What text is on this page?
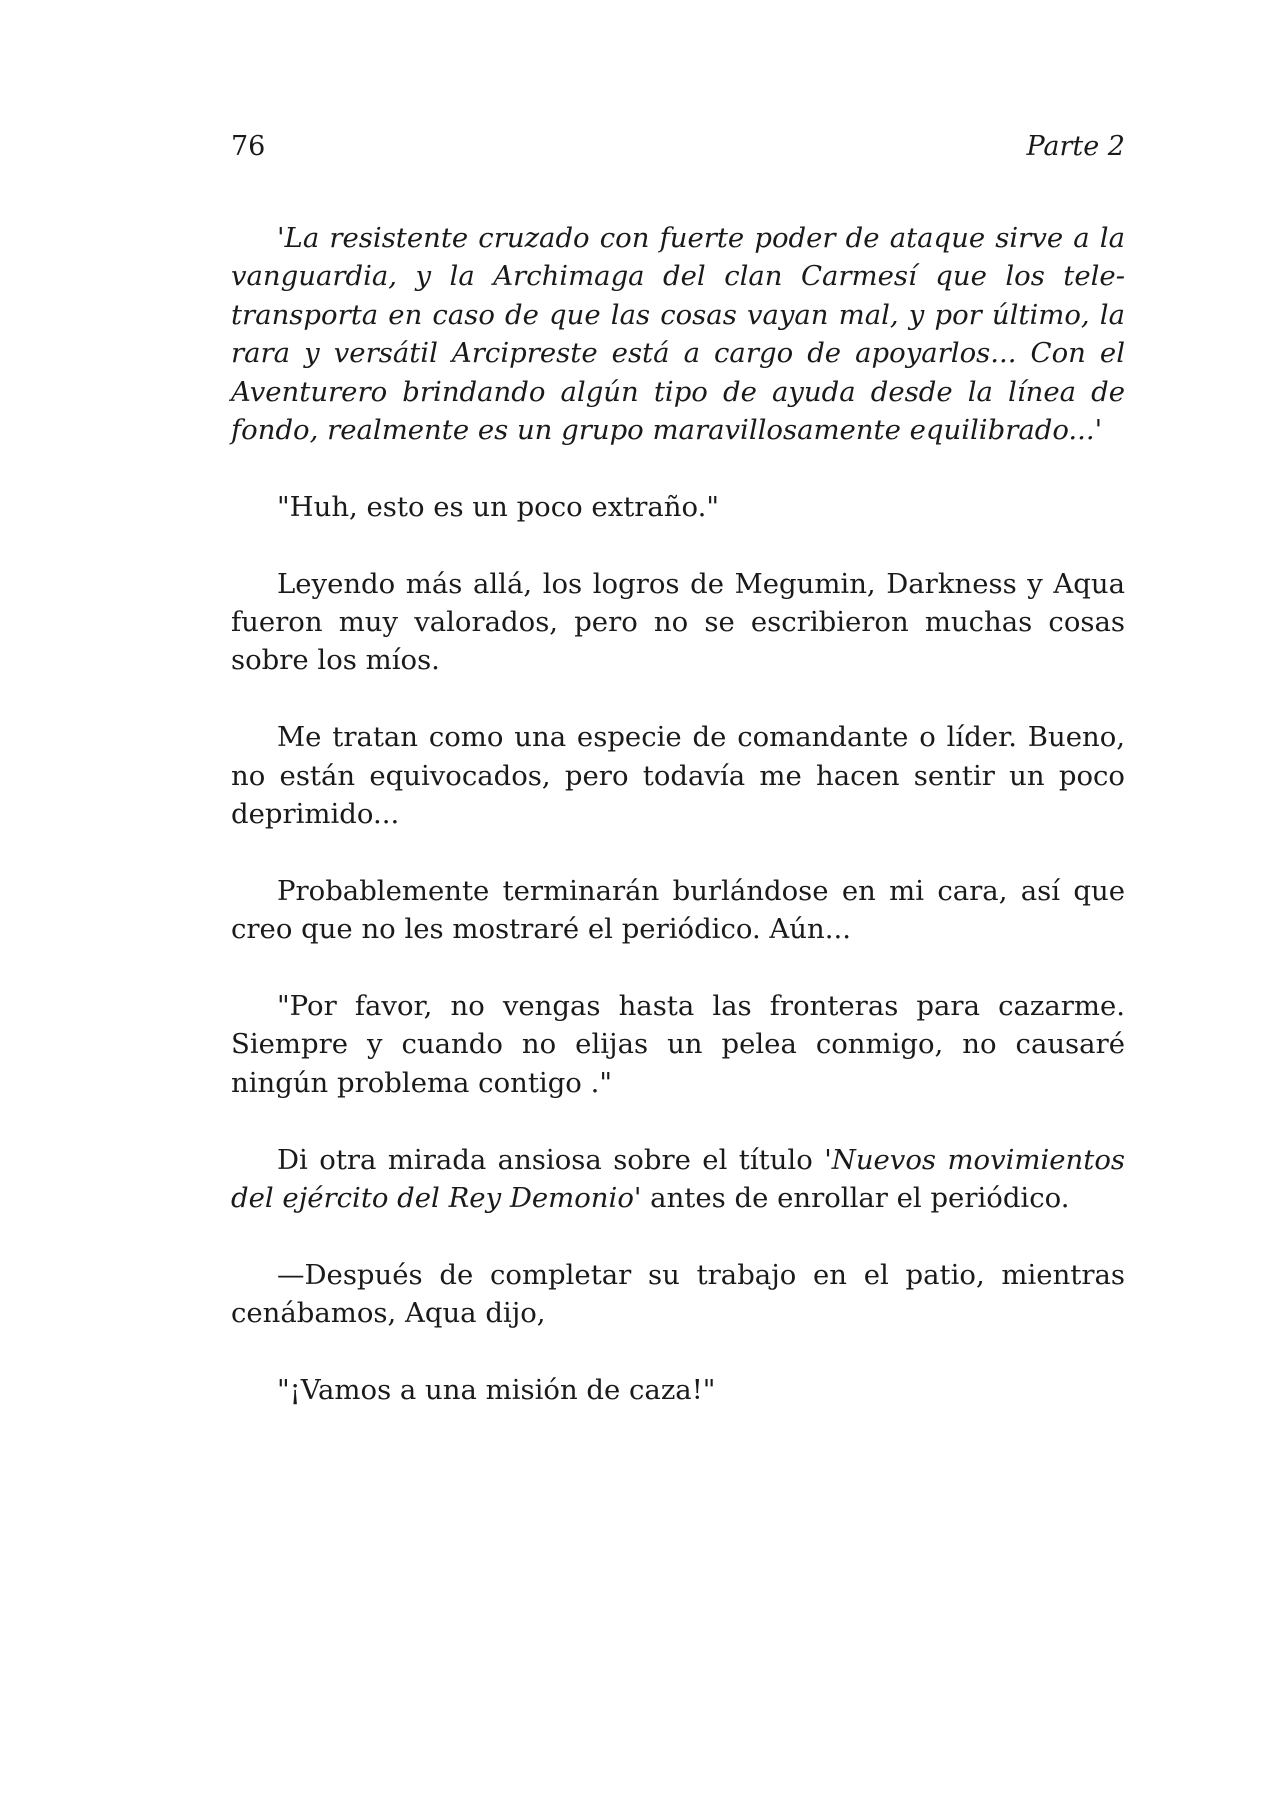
76	Parte 2

'La resistente cruzado con fuerte poder de ataque sirve a la vanguardia, y la Archimaga del clan Carmesí que los tele-transporta en caso de que las cosas vayan mal, y por último, la rara y versátil Arcipreste está a cargo de apoyarlos... Con el Aventurero brindando algún tipo de ayuda desde la línea de fondo, realmente es un grupo maravillosamente equilibrado...'

"Huh, esto es un poco extraño."

Leyendo más allá, los logros de Megumin, Darkness y Aqua fueron muy valorados, pero no se escribieron muchas cosas sobre los míos.

Me tratan como una especie de comandante o líder. Bueno, no están equivocados, pero todavía me hacen sentir un poco deprimido...

Probablemente terminarán burlándose en mi cara, así que creo que no les mostraré el periódico. Aún...

"Por favor, no vengas hasta las fronteras para cazarme. Siempre y cuando no elijas un pelea conmigo, no causaré ningún problema contigo ."

Di otra mirada ansiosa sobre el título 'Nuevos movimientos del ejército del Rey Demonio' antes de enrollar el periódico.

—Después de completar su trabajo en el patio, mientras cenábamos, Aqua dijo,

"¡Vamos a una misión de caza!"
